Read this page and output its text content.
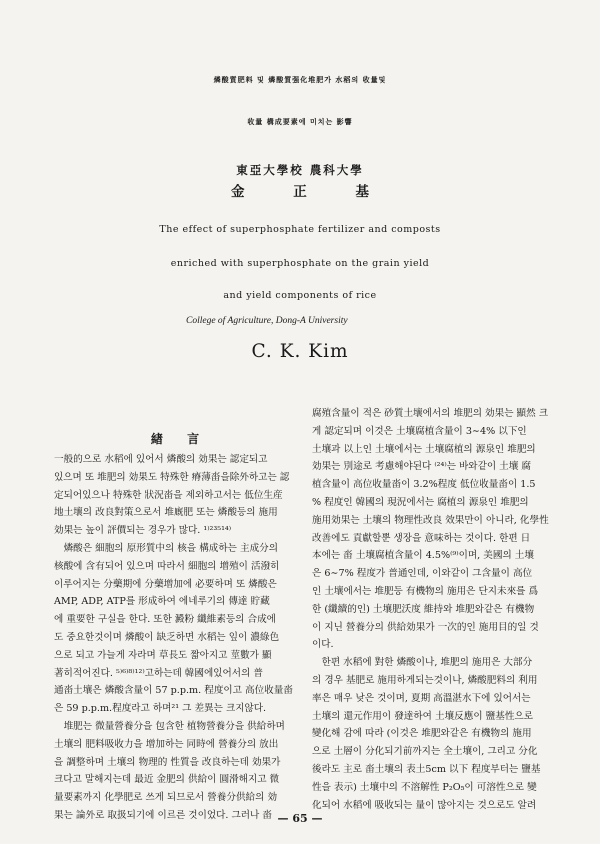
燐酸質肥料 및 燐酸質强化堆肥가 水稻의 收量및
收量 構成要素에 미치는 影響
東亞大學校 農科大學
金 正 基
The effect of superphosphate fertilizer and composts
enriched with superphosphate on the grain yield
and yield components of rice
College of Agriculture, Dong-A University
C. K. Kim
緖 言

一般的으로 水稻에 있어서 燐酸의 効果는 認定되고

있으며 또 堆肥의 効果도 特殊한 瘠薄畓을除外하고는 認

定되어있으나 特殊한 狀況畓을 제외하고서는 低位生産

地土壤의 改良對策으로서 堆廐肥 또는 燐酸등의 施用

効果는 높이 評價되는 경우가 많다. ¹⁾²³⁵¹⁴⁾

　燐酸은 細胞의 原形質中의 核을 構成하는 主成分의

核酸에 含有되어 있으며 따라서 細胞의 增殖이 活潑히

이루어지는 分藥期에 分藥增加에 必要하며 또 燐酸은

AMP, ADP, ATP를 形成하여 에네루기의 傳達 貯藏

에 重要한 구실을 한다. 또한 澱粉 纖維素등의 合成에

도 중요한것이며 燐酸이 缺乏하면 水稻는 잎이 濃綠色

으로 되고 가늘게 자라며 草長도 짧아지고 莖數가 顯

著히적어진다. ⁵⁾⁶⁾⁸⁾¹²⁾고하는데 韓國에있어서의 普

通畓土壤은 燐酸含量이 57 p.p.m. 程度이고 高位收量畓

은 59 p.p.m.程度라고 하며²¹ 그 差異는 크지않다.

　堆肥는 微量營養分을 包含한 植物營養分을 供給하며

土壤의 肥料吸收力을 增加하는 同時에 營養分의 放出

을 調整하며 土壤의 物理的 性質을 改良하는데 効果가

크다고 말해지는데 最近 金肥의 供給이 圓滑해지고 微

量要素까지 化學肥로 쓰게 되므로서 營養分供給의 効

果는 論外로 取扱되기에 이르른 것이었다. 그러나 畓

腐殖含量이 적은 砂質土壤에서의 堆肥의 効果는 顯然 크

게 認定되며 이것은 土壤腐植含量이 3∼4% 以下인

土壤과 以上인 土壤에서는 土壤腐植의 源泉인 堆肥의

効果는 別途로 考慮해야된다 ⁽²⁴⁾는 바와같이 土壤 腐

植含量이 高位收量畓이 3.2%程度 低位收量畓이 1.5

% 程度인 韓國의 現況에서는 腐植의 源泉인 堆肥의

施用効果는 土壤의 物理性改良 效果만이 아니라, 化學性

改善에도 貢獻할뿐 생장을 意味하는 것이다. 한편 日

本에는 畓 土壤腐植含量이 4.5%⁽⁹⁾이며, 美國의 土壤

은 6∼7% 程度가 普通인데, 이와같이 그含量이 高位

인 土壤에서는 堆肥등 有機物의 施用은 단지未來를 爲

한 (纖續的인) 土壤肥沃度 維持와 堆肥와같은 有機物

이 지닌 營養分의 供給効果가 一次的인 施用目的일 것

이다.

　한편 水稻에 對한 燐酸이나, 堆肥의 施用은 大部分

의 경우 基肥로 施用하게되는것이나, 燐酸肥料의 利用

率은 매우 낮은 것이며, 夏期 高溫湛水下에 있어서는

土壤의 還元作用이 發達하여 土壤反應이 鹽基性으로

變化해 감에 따라 (이것은 堆肥와같은 有機物의 施用

으로 土層이 分化되기前까지는 全土壤이, 그리고 分化

後라도 主로 畓土壤의 表土5cm 以下 程度부터는 鹽基

性을 表示) 土壤中의 不溶解性 P₂O₅이 可溶性으로 變

化되어 水稻에 吸收되는 量이 많아지는 것으로도 알려

— 65 —
